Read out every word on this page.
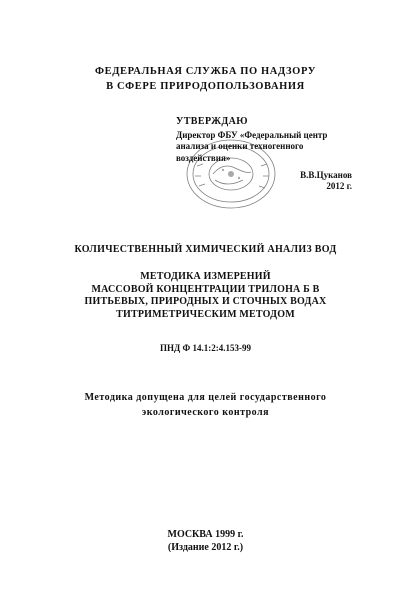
ФЕДЕРАЛЬНАЯ СЛУЖБА ПО НАДЗОРУ
В СФЕРЕ ПРИРОДОПОЛЬЗОВАНИЯ
УТВЕРЖДАЮ
Директор ФБУ «Федеральный центр
анализа и оценки техногенного
воздействия»
В.В.Цуканов
2012 г.
КОЛИЧЕСТВЕННЫЙ ХИМИЧЕСКИЙ АНАЛИЗ ВОД
МЕТОДИКА ИЗМЕРЕНИЙ
МАССОВОЙ КОНЦЕНТРАЦИИ ТРИЛОНА Б В
ПИТЬЕВЫХ, ПРИРОДНЫХ И СТОЧНЫХ ВОДАХ
ТИТРИМЕТРИЧЕСКИМ МЕТОДОМ
ПНД Ф 14.1:2:4.153-99
Методика допущена для целей государственного
экологического контроля
МОСКВА 1999 г.
(Издание 2012 г.)
